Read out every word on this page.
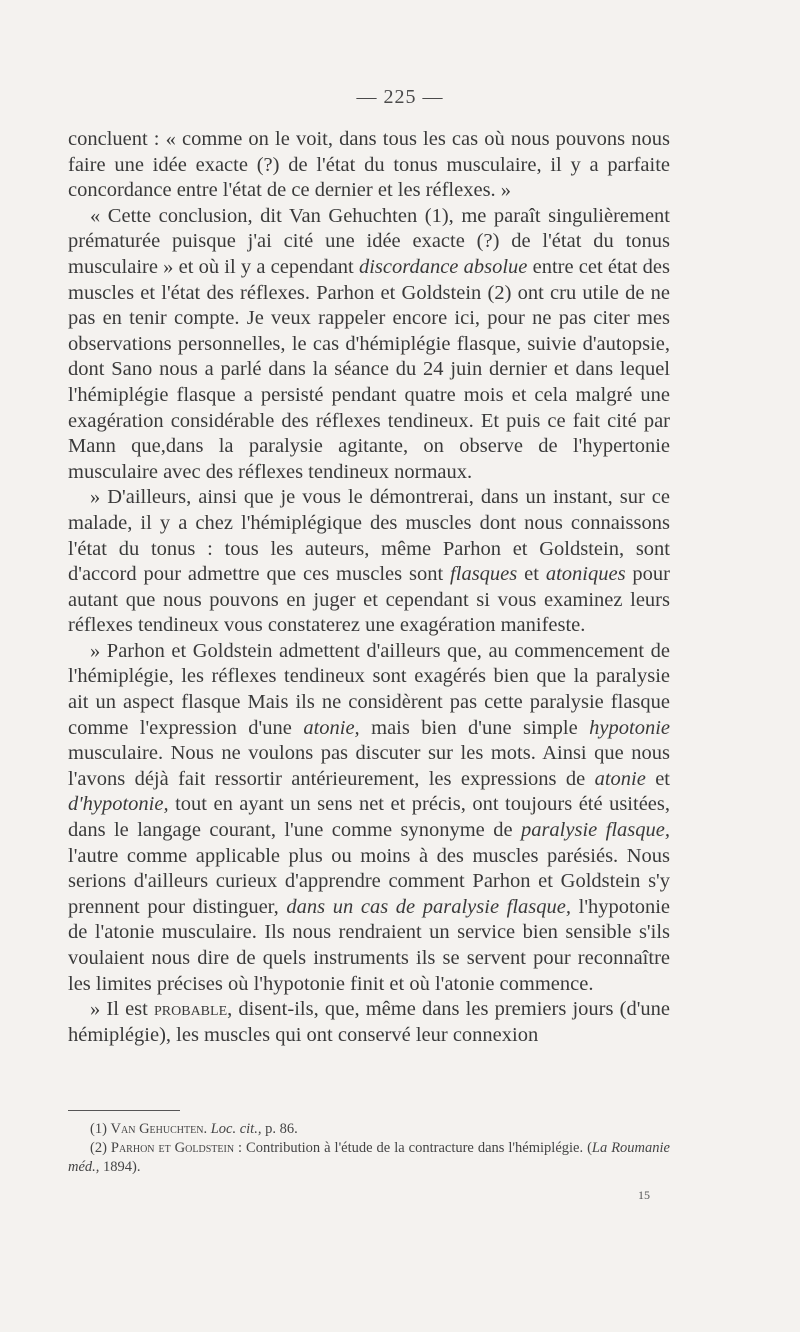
— 225 —

concluent : « comme on le voit, dans tous les cas où nous pouvons nous faire une idée exacte (?) de l'état du tonus musculaire, il y a parfaite concordance entre l'état de ce dernier et les réflexes. »

« Cette conclusion, dit Van Gehuchten (1), me paraît singulièrement prématurée puisque j'ai cité une idée exacte (?) de l'état du tonus musculaire » et où il y a cependant discordance absolue entre cet état des muscles et l'état des réflexes. Parhon et Goldstein (2) ont cru utile de ne pas en tenir compte. Je veux rappeler encore ici, pour ne pas citer mes observations personnelles, le cas d'hémiplégie flasque, suivie d'autopsie, dont Sano nous a parlé dans la séance du 24 juin dernier et dans lequel l'hémiplégie flasque a persisté pendant quatre mois et cela malgré une exagération considérable des réflexes tendineux. Et puis ce fait cité par Mann que,dans la paralysie agitante, on observe de l'hypertonie musculaire avec des réflexes tendineux normaux.

» D'ailleurs, ainsi que je vous le démontrerai, dans un instant, sur ce malade, il y a chez l'hémiplégique des muscles dont nous connaissons l'état du tonus : tous les auteurs, même Parhon et Goldstein, sont d'accord pour admettre que ces muscles sont flasques et atoniques pour autant que nous pouvons en juger et cependant si vous examinez leurs réflexes tendineux vous constaterez une exagération manifeste.

» Parhon et Goldstein admettent d'ailleurs que, au commencement de l'hémiplégie, les réflexes tendineux sont exagérés bien que la paralysie ait un aspect flasque Mais ils ne considèrent pas cette paralysie flasque comme l'expression d'une atonie, mais bien d'une simple hypotonie musculaire. Nous ne voulons pas discuter sur les mots. Ainsi que nous l'avons déjà fait ressortir antérieurement, les expressions de atonie et d'hypotonie, tout en ayant un sens net et précis, ont toujours été usitées, dans le langage courant, l'une comme synonyme de paralysie flasque, l'autre comme applicable plus ou moins à des muscles parésiés. Nous serions d'ailleurs curieux d'apprendre comment Parhon et Goldstein s'y prennent pour distinguer, dans un cas de paralysie flasque, l'hypotonie de l'atonie musculaire. Ils nous rendraient un service bien sensible s'ils voulaient nous dire de quels instruments ils se servent pour reconnaître les limites précises où l'hypotonie finit et où l'atonie commence.

» Il est probable, disent-ils, que, même dans les premiers jours (d'une hémiplégie), les muscles qui ont conservé leur connexion

(1) Van Gehuchten. Loc. cit., p. 86.

(2) Parhon et Goldstein : Contribution à l'étude de la contracture dans l'hémiplégie. (La Roumanie méd., 1894).

15
